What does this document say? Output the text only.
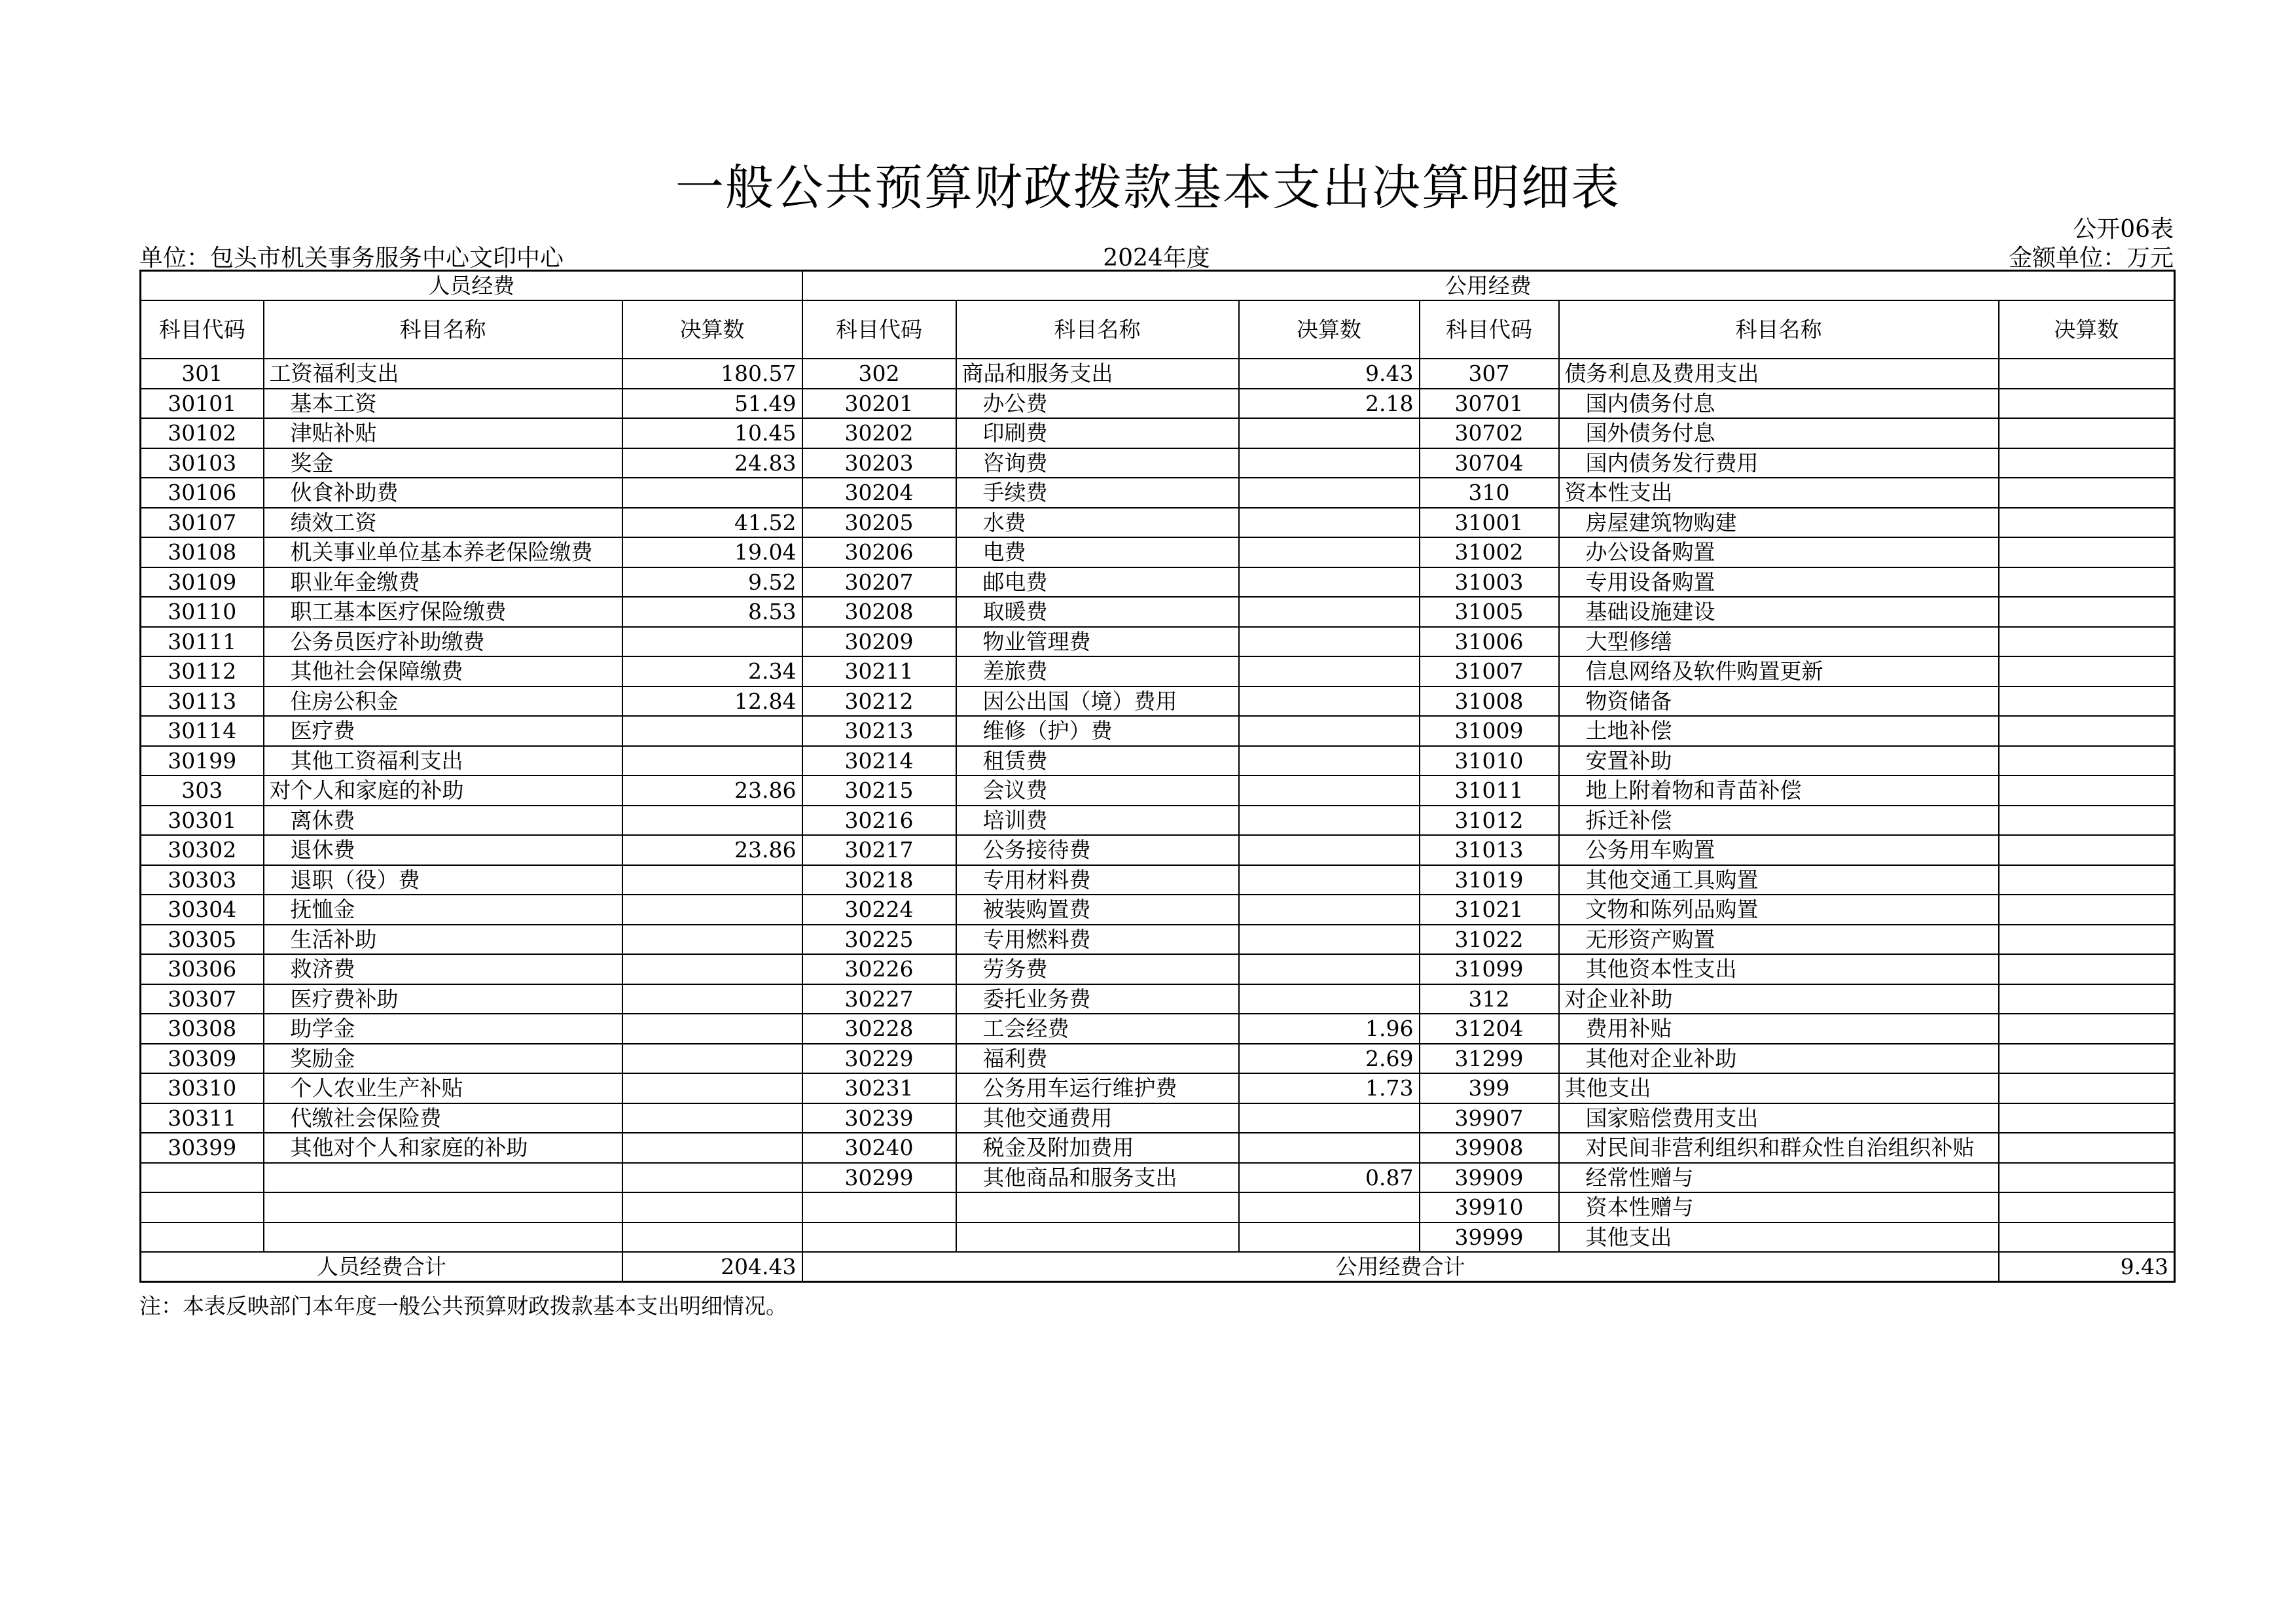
一般公共预算财政拨款基本支出决算明细表
公开06表
单位：包头市机关事务服务中心文印中心	2024年度	金额单位：万元
人员经费			公用经费					
科目代码	科目名称	决算数	科目代码	科目名称	决算数	科目代码	科目名称	决算数
301	工资福利支出	180.57	302	商品和服务支出	9.43	307	债务利息及费用支出	
30101	基本工资	51.49	30201	办公费	2.18	30701	国内债务付息	
30102	津贴补贴	10.45	30202	印刷费		30702	国外债务付息	
30103	奖金	24.83	30203	咨询费		30704	国内债务发行费用	
30106	伙食补助费		30204	手续费		310	资本性支出	
30107	绩效工资	41.52	30205	水费		31001	房屋建筑物购建	
30108	机关事业单位基本养老保险缴费	19.04	30206	电费		31002	办公设备购置	
30109	职业年金缴费	9.52	30207	邮电费		31003	专用设备购置	
30110	职工基本医疗保险缴费	8.53	30208	取暖费		31005	基础设施建设	
30111	公务员医疗补助缴费		30209	物业管理费		31006	大型修缮	
30112	其他社会保障缴费	2.34	30211	差旅费		31007	信息网络及软件购置更新	
30113	住房公积金	12.84	30212	因公出国（境）费用		31008	物资储备	
30114	医疗费		30213	维修（护）费		31009	土地补偿	
30199	其他工资福利支出		30214	租赁费		31010	安置补助	
303	对个人和家庭的补助	23.86	30215	会议费		31011	地上附着物和青苗补偿	
30301	离休费		30216	培训费		31012	拆迁补偿	
30302	退休费	23.86	30217	公务接待费		31013	公务用车购置	
30303	退职（役）费		30218	专用材料费		31019	其他交通工具购置	
30304	抚恤金		30224	被装购置费		31021	文物和陈列品购置	
30305	生活补助		30225	专用燃料费		31022	无形资产购置	
30306	救济费		30226	劳务费		31099	其他资本性支出	
30307	医疗费补助		30227	委托业务费		312	对企业补助	
30308	助学金		30228	工会经费	1.96	31204	费用补贴	
30309	奖励金		30229	福利费	2.69	31299	其他对企业补助	
30310	个人农业生产补贴		30231	公务用车运行维护费	1.73	399	其他支出	
30311	代缴社会保险费		30239	其他交通费用		39907	国家赔偿费用支出	
30399	其他对个人和家庭的补助		30240	税金及附加费用		39908	对民间非营利组织和群众性自治组织补贴	
			30299	其他商品和服务支出	0.87	39909	经常性赠与	
						39910	资本性赠与	
						39999	其他支出	
人员经费合计		204.43	公用经费合计					9.43
注：本表反映部门本年度一般公共预算财政拨款基本支出明细情况。
